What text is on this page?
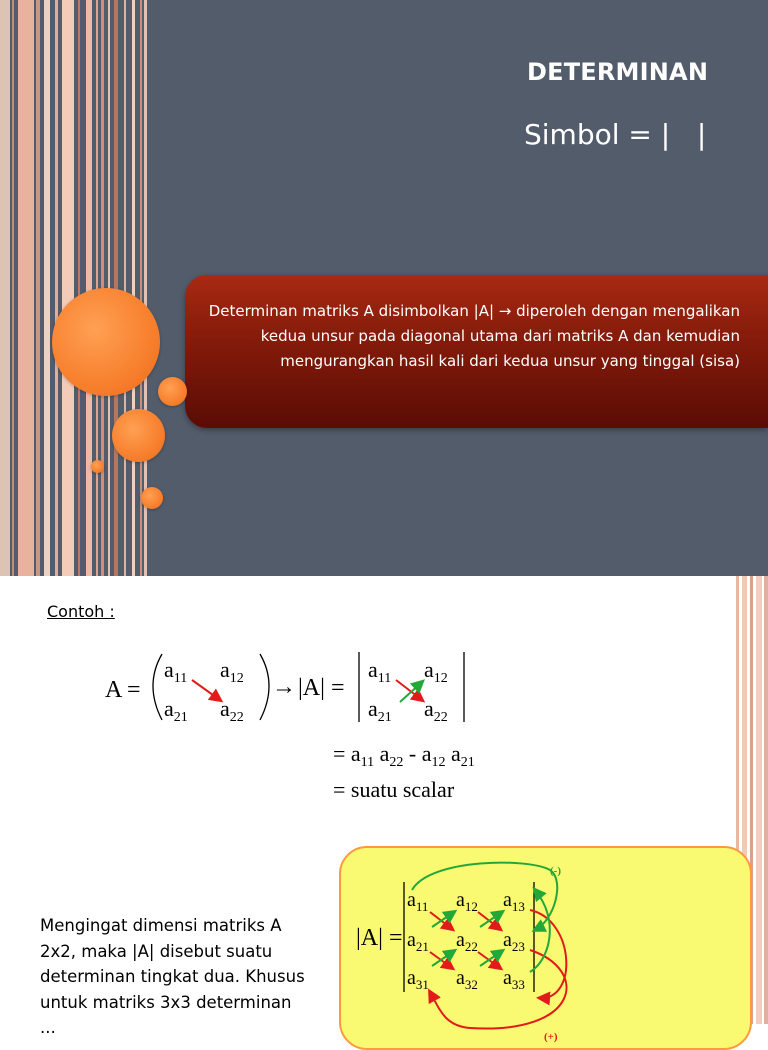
DETERMINAN
Simbol = |   |

Determinan matriks A disimbolkan |A| → diperoleh dengan mengalikan kedua unsur pada diagonal utama dari matriks A dan kemudian mengurangkan hasil kali dari kedua unsur yang tinggal (sisa)

Contoh :
A =
$a_{11}$ $a_{12}$
$a_{21}$ $a_{22}$
→ |A| =
$a_{11}$ $a_{12}$
$a_{21}$ $a_{22}$
= $a_{11}$ $a_{22} - a_{12}$ $a_{21}$
= suatu scalar

Mengingat dimensi matriks A 2x2, maka |A| disebut suatu determinan tingkat dua. Khusus untuk matriks 3x3 determinan ...

|A| =
$a_{11}$ $a_{12}$ $a_{13}$
$a_{21}$ $a_{22}$ $a_{23}$
$a_{31}$ $a_{32}$ $a_{33}$
(-)
(+)
